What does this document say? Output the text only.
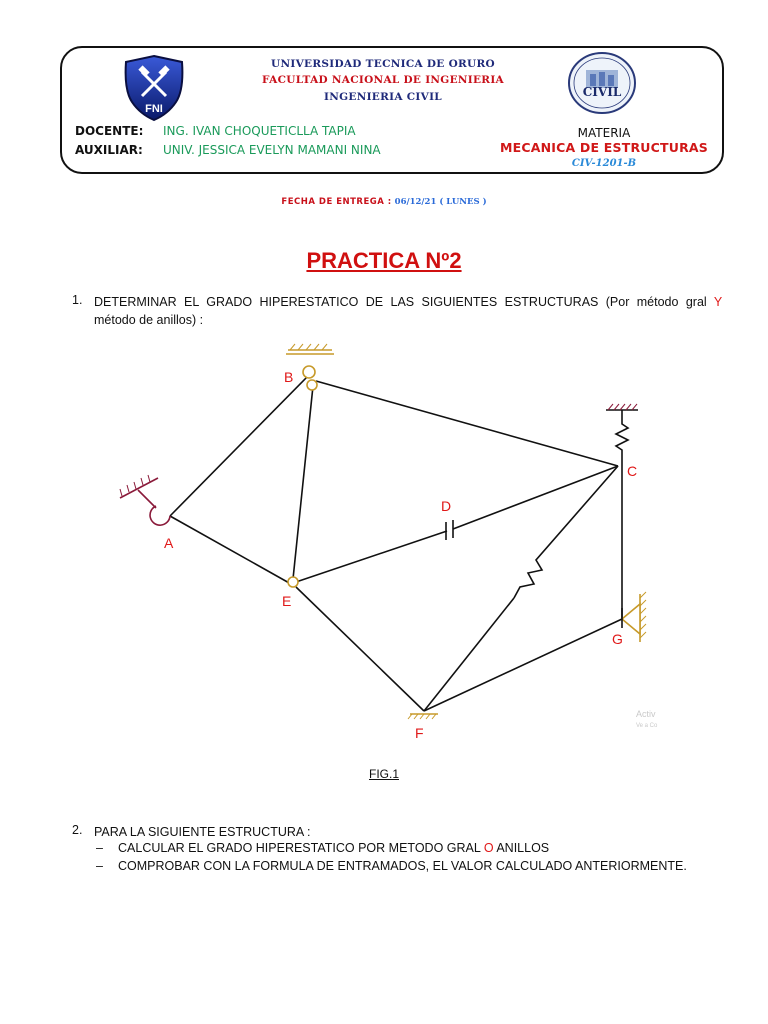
FNI
CIVIL
UNIVERSIDAD TECNICA DE ORURO
FACULTAD NACIONAL DE INGENIERIA
INGENIERIA CIVIL
DOCENTE: ING. IVAN CHOQUETICLLA TAPIA
AUXILIAR: UNIV. JESSICA EVELYN MAMANI NINA
MATERIA
MECANICA DE ESTRUCTURAS
CIV-1201-B
FECHA DE ENTREGA : 06/12/21 ( LUNES )
PRACTICA Nº2
1. DETERMINAR EL GRADO HIPERESTATICO DE LAS SIGUIENTES ESTRUCTURAS (Por método gral Y método de anillos) :
B
A
C
D
E
F
G
Activ
Ve a Co
FIG.1
2. PARA LA SIGUIENTE ESTRUCTURA :
– CALCULAR EL GRADO HIPERESTATICO POR METODO GRAL O ANILLOS
– COMPROBAR CON LA FORMULA DE ENTRAMADOS, EL VALOR CALCULADO ANTERIORMENTE.
